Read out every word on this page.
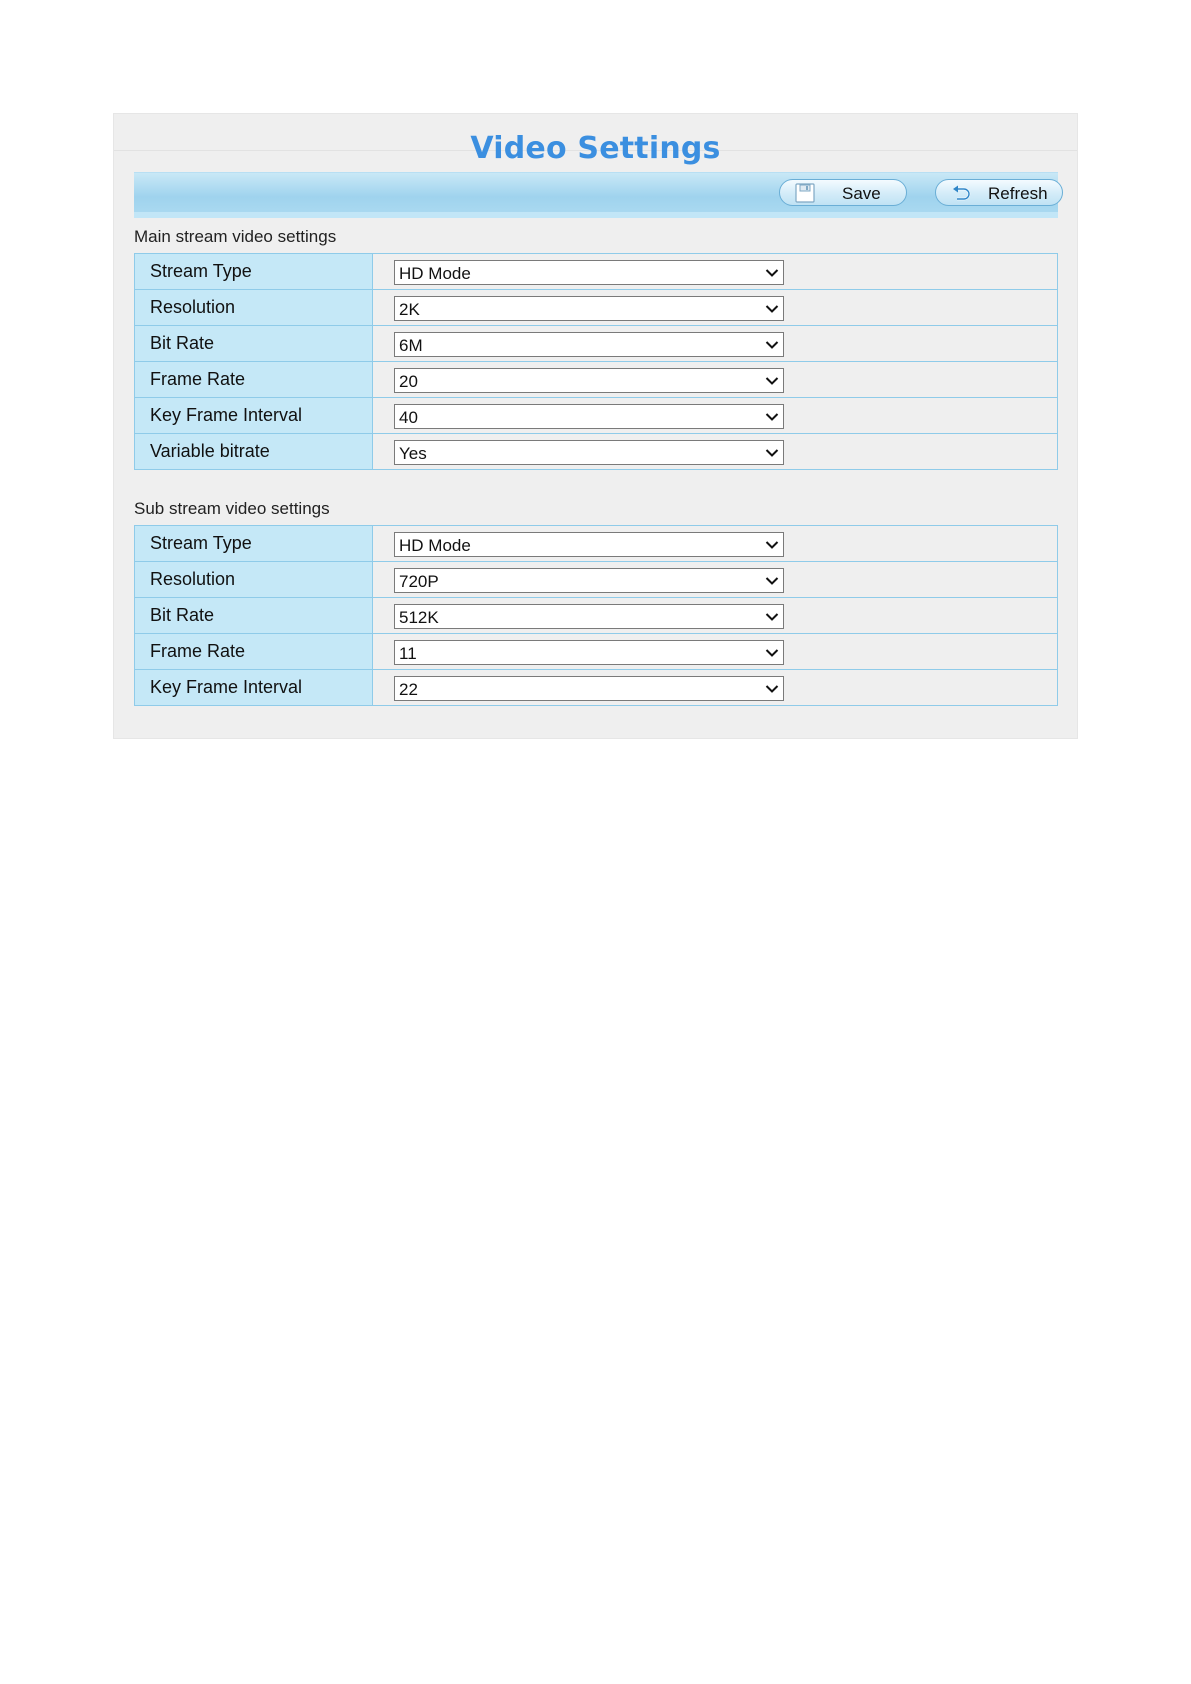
Video Settings
Save	Refresh
Main stream video settings
Stream Type	HD Mode

Resolution	2K

Bit Rate	6M

Frame Rate	20

Key Frame Interval	40

Variable bitrate	Yes
Sub stream video settings
Stream Type	HD Mode

Resolution	720P

Bit Rate	512K

Frame Rate	11

Key Frame Interval	22
